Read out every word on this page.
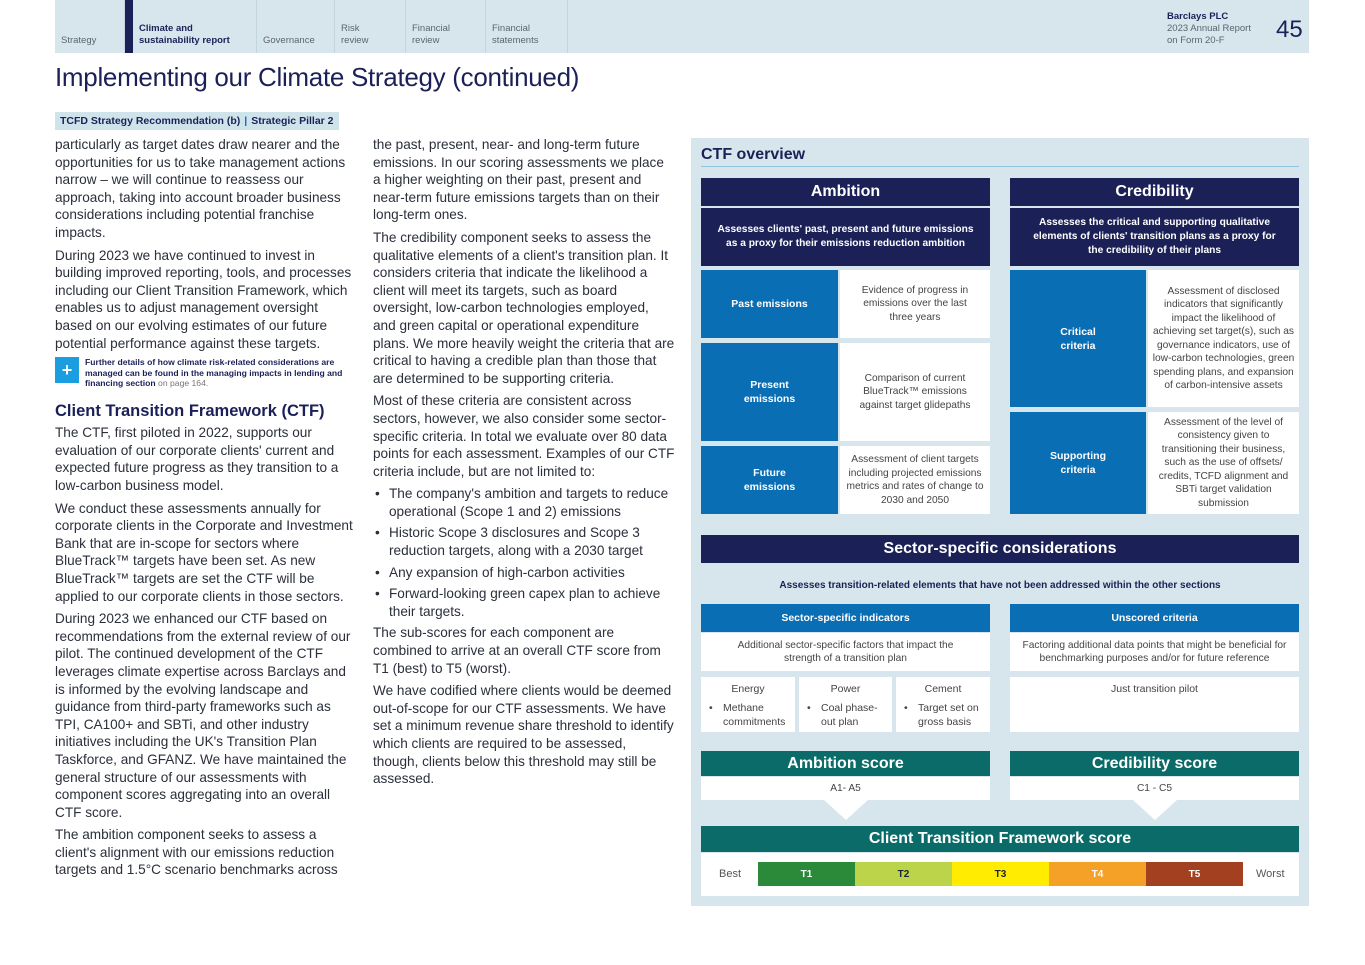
Strategy
Climate and sustainability report	Governance
Risk review
Financial review
Financial statements
Barclays PLC
2023 Annual Report
on Form 20-F	45
Implementing our Climate Strategy (continued)
TCFD Strategy Recommendation (b) | Strategic Pillar 2

particularly as target dates draw nearer and the opportunities for us to take management actions narrow – we will continue to reassess our approach, taking into account broader business considerations including potential franchise impacts.

During 2023 we have continued to invest in building improved reporting, tools, and processes including our Client Transition Framework, which enables us to adjust management oversight based on our evolving estimates of our future potential performance against these targets.

+	Further details of how climate risk-related considerations are managed can be found in the managing impacts in lending and financing section on page 164.
Client Transition Framework (CTF)

The CTF, first piloted in 2022, supports our evaluation of our corporate clients' current and expected future progress as they transition to a low-carbon business model.

We conduct these assessments annually for corporate clients in the Corporate and Investment Bank that are in-scope for sectors where BlueTrack™ targets have been set. As new BlueTrack™ targets are set the CTF will be applied to our corporate clients in those sectors.

During 2023 we enhanced our CTF based on recommendations from the external review of our pilot. The continued development of the CTF leverages climate expertise across Barclays and is informed by the evolving landscape and guidance from third-party frameworks such as TPI, CA100+ and SBTi, and other industry initiatives including the UK's Transition Plan Taskforce, and GFANZ. We have maintained the general structure of our assessments with component scores aggregating into an overall CTF score.

The ambition component seeks to assess a client's alignment with our emissions reduction targets and 1.5°C scenario benchmarks across

the past, present, near- and long-term future emissions. In our scoring assessments we place a higher weighting on their past, present and near-term future emissions targets than on their long-term ones.

The credibility component seeks to assess the qualitative elements of a client's transition plan. It considers criteria that indicate the likelihood a client will meet its targets, such as board oversight, low-carbon technologies employed, and green capital or operational expenditure plans. We more heavily weight the criteria that are critical to having a credible plan than those that are determined to be supporting criteria.

Most of these criteria are consistent across sectors, however, we also consider some sector-specific criteria. In total we evaluate over 80 data points for each assessment. Examples of our CTF criteria include, but are not limited to:

• The company's ambition and targets to reduce operational (Scope 1 and 2) emissions
• Historic Scope 3 disclosures and Scope 3 reduction targets, along with a 2030 target
• Any expansion of high-carbon activities
• Forward-looking green capex plan to achieve their targets.

The sub-scores for each component are combined to arrive at an overall CTF score from T1 (best) to T5 (worst).

We have codified where clients would be deemed out-of-scope for our CTF assessments. We have set a minimum revenue share threshold to identify which clients are required to be assessed, though, clients below this threshold may still be assessed.

CTF overview
Ambition
Assesses clients' past, present and future emissions as a proxy for their emissions reduction ambition
Past emissions
Evidence of progress in emissions over the last three years
Present emissions
Comparison of current BlueTrack™ emissions against target glidepaths
Future emissions
Assessment of client targets including projected emissions metrics and rates of change to 2030 and 2050
Credibility
Assesses the critical and supporting qualitative elements of clients' transition plans as a proxy for the credibility of their plans
Critical criteria
Assessment of disclosed indicators that significantly impact the likelihood of achieving set target(s), such as governance indicators, use of low-carbon technologies, green spending plans, and expansion of carbon-intensive assets
Supporting criteria
Assessment of the level of consistency given to transitioning their business, such as the use of offsets/ credits, TCFD alignment and SBTi target validation submission
Sector-specific considerations
Assesses transition-related elements that have not been addressed within the other sections
Sector-specific indicators
Additional sector-specific factors that impact the strength of a transition plan
Energy
• Methane commitments
Power
• Coal phase-out plan
Cement
• Target set on gross basis
Unscored criteria
Factoring additional data points that might be beneficial for benchmarking purposes and/or for future reference
Just transition pilot
Ambition score
A1- A5
Credibility score
C1 - C5
Client Transition Framework score
Best	T1	T2	T3	T4	T5	Worst
